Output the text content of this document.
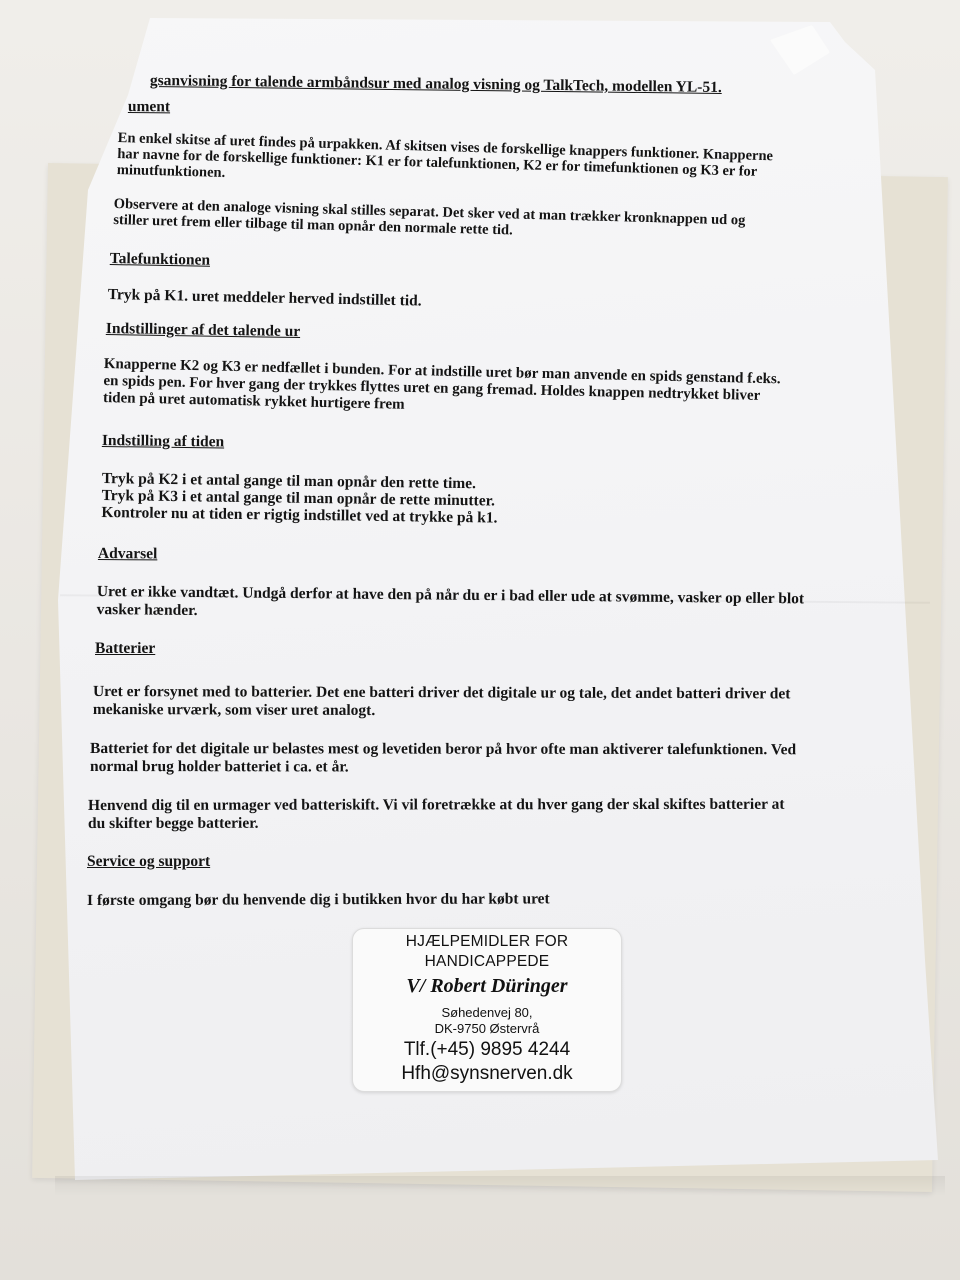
gsanvisning for talende armbåndsur med analog visning og TalkTech, modellen YL-51.
ument

En enkel skitse af uret findes på urpakken. Af skitsen vises de forskellige knappers funktioner. Knapperne
har navne for de forskellige funktioner: K1 er for talefunktionen, K2 er for timefunktionen og K3 er for
minutfunktionen.

Observere at den analoge visning skal stilles separat. Det sker ved at man trækker kronknappen ud og
stiller uret frem eller tilbage til man opnår den normale rette tid.

Talefunktionen

Tryk på K1. uret meddeler herved indstillet tid.

Indstillinger af det talende ur

Knapperne K2 og K3 er nedfællet i bunden. For at indstille uret bør man anvende en spids genstand f.eks.
en spids pen. For hver gang der trykkes flyttes uret en gang fremad. Holdes knappen nedtrykket bliver
tiden på uret automatisk rykket hurtigere frem

Indstilling af tiden

Tryk på K2 i et antal gange til man opnår den rette time.
Tryk på K3 i et antal gange til man opnår de rette minutter.
Kontroler nu at tiden er rigtig indstillet ved at trykke på k1.

Advarsel

Uret er ikke vandtæt. Undgå derfor at have den på når du er i bad eller ude at svømme, vasker op eller blot
vasker hænder.

Batterier

Uret er forsynet med to batterier. Det ene batteri driver det digitale ur og tale, det andet batteri driver det
mekaniske urværk, som viser uret analogt.

Batteriet for det digitale ur belastes mest og levetiden beror på hvor ofte man aktiverer talefunktionen. Ved
normal brug holder batteriet i ca. et år.

Henvend dig til en urmager ved batteriskift. Vi vil foretrække at du hver gang der skal skiftes batterier at
du skifter begge batterier.

Service og support

I første omgang bør du henvende dig i butikken hvor du har købt uret

HJÆLPEMIDLER FOR
HANDICAPPEDE
V/ Robert Düringer
Søhedenvej 80,
DK-9750 Østervrå
Tlf.(+45) 9895 4244
Hfh@synsnerven.dk
